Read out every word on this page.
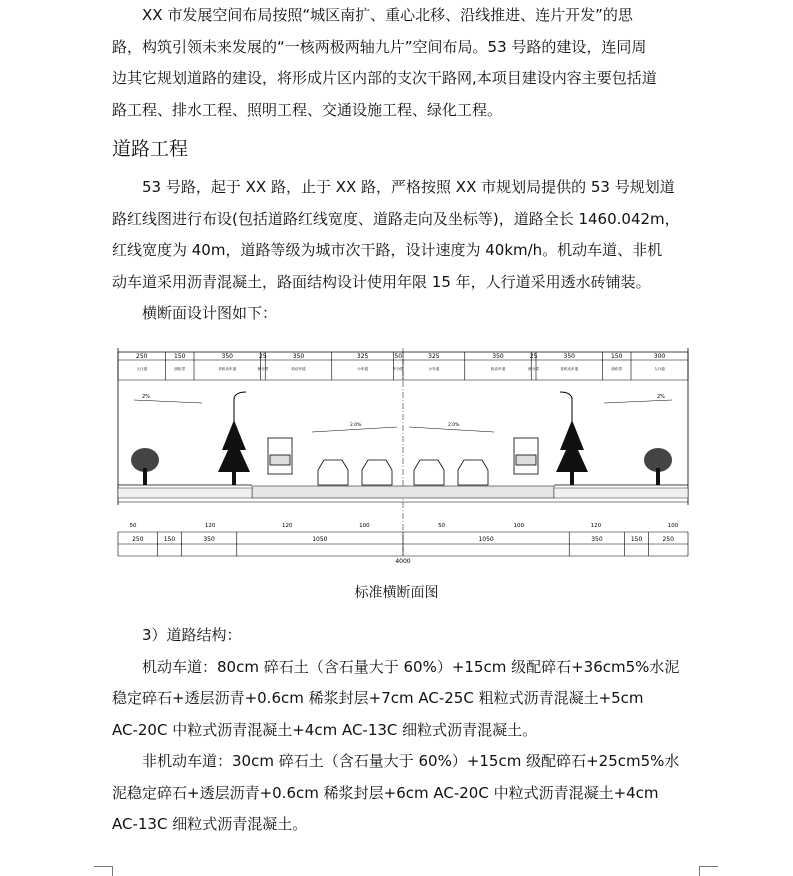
XX 市发展空间布局按照“城区南扩、重心北移、沿线推进、连片开发”的思
路，构筑引领未来发展的“一核两极两轴九片”空间布局。53 号路的建设，连同周
边其它规划道路的建设，将形成片区内部的支次干路网,本项目建设内容主要包括道
路工程、排水工程、照明工程、交通设施工程、绿化工程。

道路工程

53 号路，起于 XX 路，止于 XX 路，严格按照 XX 市规划局提供的 53 号规划道
路红线图进行布设(包括道路红线宽度、道路走向及坐标等)，道路全长 1460.042m，
红线宽度为 40m，道路等级为城市次干路，设计速度为 40km/h。机动车道、非机
动车道采用沥青混凝土，路面结构设计使用年限 15 年，人行道采用透水砖铺装。
横断面设计图如下：

250	150	350	25	350	325	50	325	350	25	350	150	300
人行道	绿化带	非机动车道	侧分带	机动车道	小车道	中分带	小车道	机动车道	侧分带	非机动车道	绿化带	人行道
2%	2%
2.0%	2.0%
250	150	350	1050	1050	350	150	250
50	120	120	100	50	100	120	100
4000
标准横断面图

3）道路结构：
机动车道：80cm 碎石土（含石量大于 60%）+15cm 级配碎石+36cm5%水泥
稳定碎石+透层沥青+0.6cm 稀浆封层+7cm AC-25C 粗粒式沥青混凝土+5cm
AC-20C 中粒式沥青混凝土+4cm AC-13C 细粒式沥青混凝土。
非机动车道：30cm 碎石土（含石量大于 60%）+15cm 级配碎石+25cm5%水
泥稳定碎石+透层沥青+0.6cm 稀浆封层+6cm AC-20C 中粒式沥青混凝土+4cm
AC-13C 细粒式沥青混凝土。
